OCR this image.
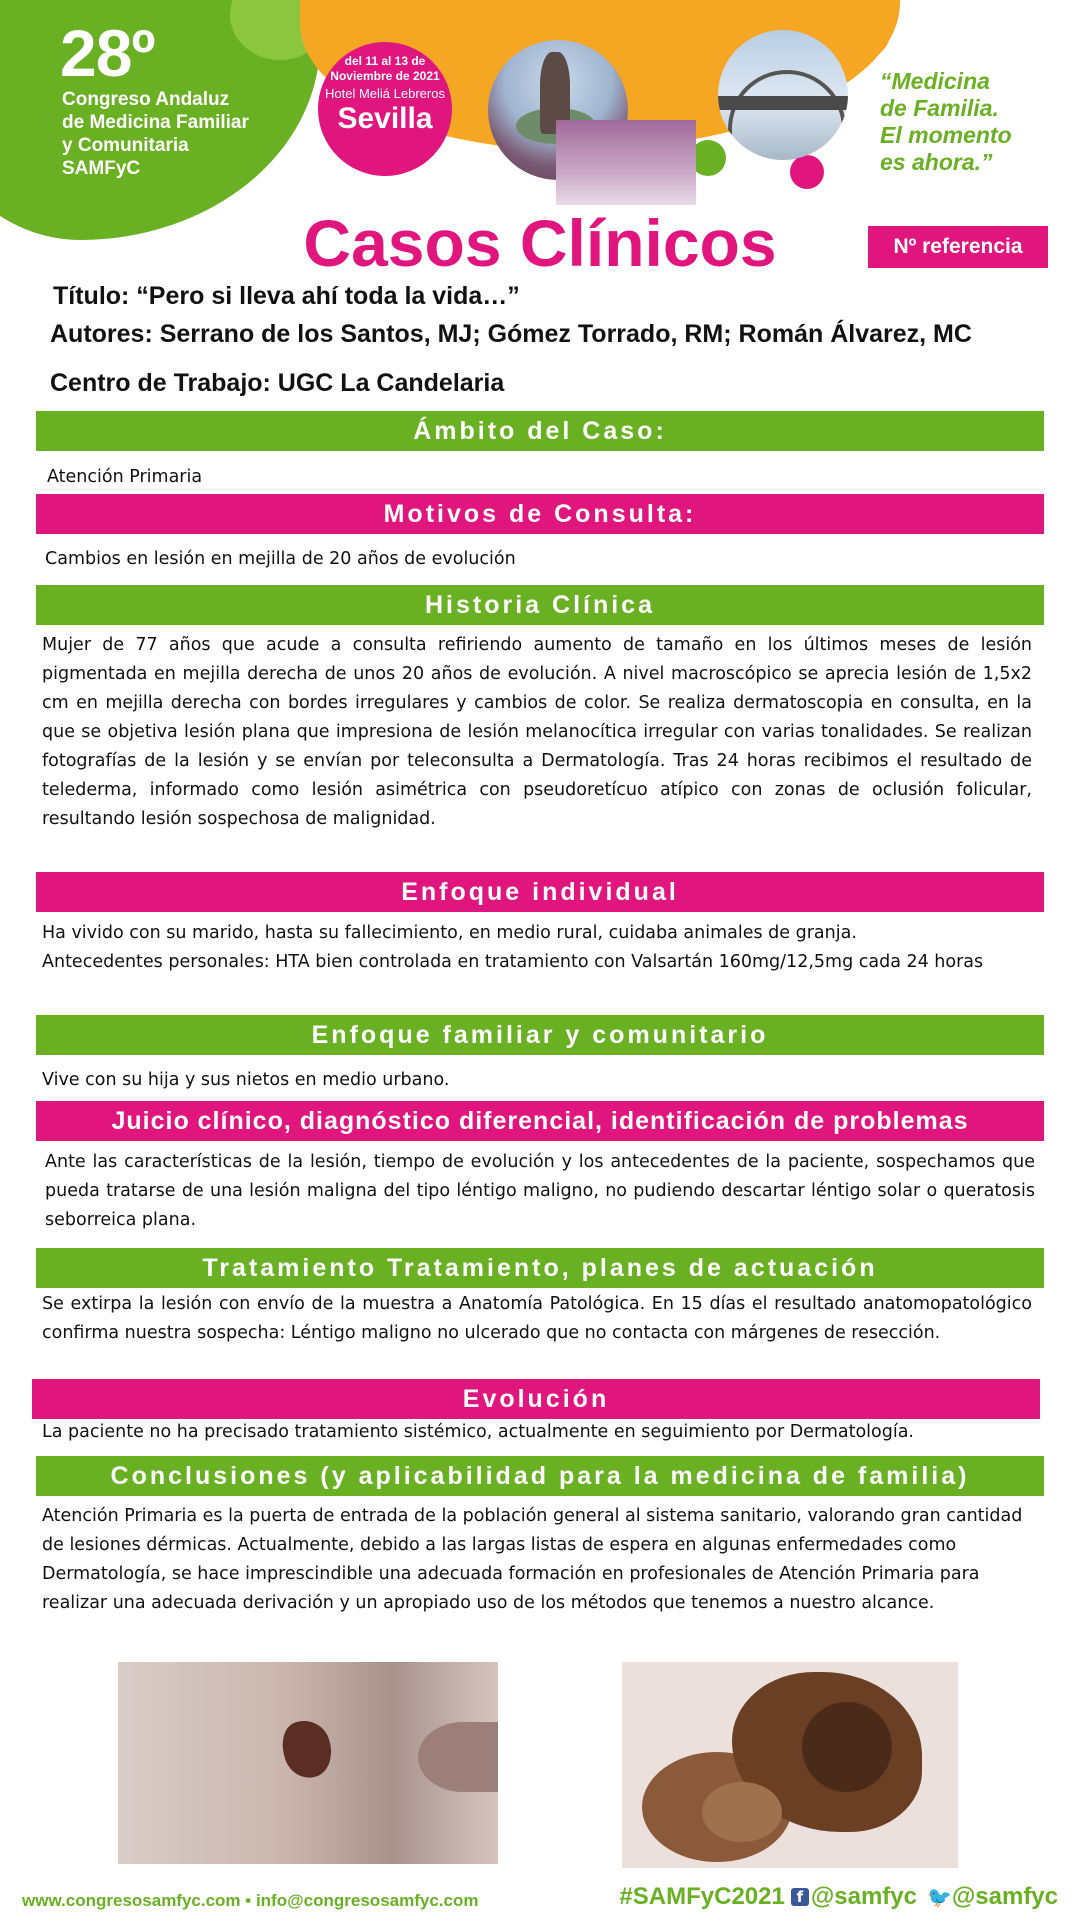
28º
Congreso Andaluz
de Medicina Familiar
y Comunitaria
SAMFyC
del 11 al 13 de
Noviembre de 2021
Hotel Meliá Lebreros
Sevilla
“Medicina
de Familia.
El momento
es ahora.”
Casos Clínicos	Nº referencia
Título: “Pero si lleva ahí toda la vida…”
Autores: Serrano de los Santos, MJ; Gómez Torrado, RM; Román Álvarez, MC
Centro de Trabajo: UGC La Candelaria
Ámbito del Caso:

Atención Primaria

Motivos de Consulta:

Cambios en lesión en mejilla de 20 años de evolución

Historia Clínica

Mujer de 77 años que acude a consulta refiriendo aumento de tamaño en los últimos meses de lesión pigmentada en mejilla derecha de unos 20 años de evolución. A nivel macroscópico se aprecia lesión de 1,5x2 cm en mejilla derecha con bordes irregulares y cambios de color. Se realiza dermatoscopia en consulta, en la que se objetiva lesión plana que impresiona de lesión melanocítica irregular con varias tonalidades. Se realizan fotografías de la lesión y se envían por teleconsulta a Dermatología. Tras 24 horas recibimos el resultado de telederma, informado como lesión asimétrica con pseudoretícuo atípico con zonas de oclusión folicular, resultando lesión sospechosa de malignidad.

Enfoque individual

Ha vivido con su marido, hasta su fallecimiento, en medio rural, cuidaba animales de granja.

Antecedentes personales: HTA bien controlada en tratamiento con Valsartán 160mg/12,5mg cada 24 horas

Enfoque familiar y comunitario

Vive con su hija y sus nietos en medio urbano.

Juicio clínico, diagnóstico diferencial, identificación de problemas

Ante las características de la lesión, tiempo de evolución y los antecedentes de la paciente, sospechamos que pueda tratarse de una lesión maligna del tipo léntigo maligno, no pudiendo descartar léntigo solar o queratosis seborreica plana.

Tratamiento Tratamiento, planes de actuación

Se extirpa la lesión con envío de la muestra a Anatomía Patológica. En 15 días el resultado anatomopatológico confirma nuestra sospecha: Léntigo maligno no ulcerado que no contacta con márgenes de resección.

Evolución

La paciente no ha precisado tratamiento sistémico, actualmente en seguimiento por Dermatología.

Conclusiones (y aplicabilidad para la medicina de familia)

Atención Primaria es la puerta de entrada de la población general al sistema sanitario, valorando gran cantidad de lesiones dérmicas. Actualmente, debido a las largas listas de espera en algunas enfermedades como Dermatología, se hace imprescindible una adecuada formación en profesionales de Atención Primaria para realizar una adecuada derivación y un apropiado uso de los métodos que tenemos a nuestro alcance.

www.congresosamfyc.com • info@congresosamfyc.com	#SAMFyC2021 f @samfyc 🐦@samfyc
